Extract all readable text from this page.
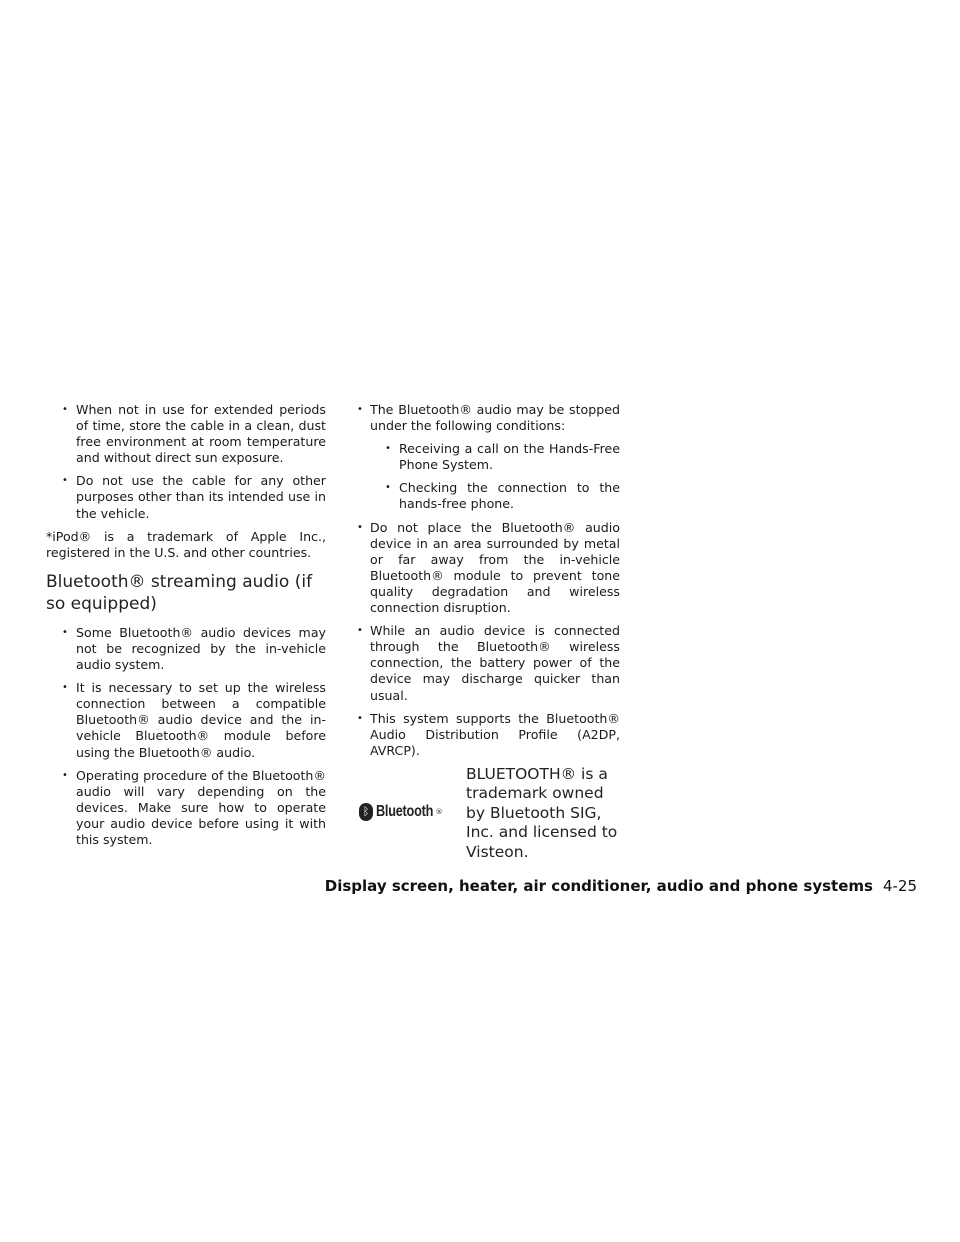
• When not in use for extended periods of time, store the cable in a clean, dust free environment at room temperature and without direct sun exposure.

• Do not use the cable for any other purposes other than its intended use in the vehicle.

*iPod® is a trademark of Apple Inc., registered in the U.S. and other countries.

Bluetooth® streaming audio (if so equipped)

• Some Bluetooth® audio devices may not be recognized by the in-vehicle audio system.

• It is necessary to set up the wireless connection between a compatible Bluetooth® audio device and the in-vehicle Bluetooth® module before using the Bluetooth® audio.

• Operating procedure of the Bluetooth® audio will vary depending on the devices. Make sure how to operate your audio device before using it with this system.

• The Bluetooth® audio may be stopped under the following conditions:

• Receiving a call on the Hands-Free Phone System.

• Checking the connection to the hands-free phone.

• Do not place the Bluetooth® audio device in an area surrounded by metal or far away from the in-vehicle Bluetooth® module to prevent tone quality degradation and wireless connection disruption.

• While an audio device is connected through the Bluetooth® wireless connection, the battery power of the device may discharge quicker than usual.

• This system supports the Bluetooth® Audio Distribution Profile (A2DP, AVRCP).

ᛒ
Bluetooth ®
BLUETOOTH® is a trademark owned by Bluetooth SIG, Inc. and licensed to Visteon.
Display screen, heater, air conditioner, audio and phone systems 4-25
